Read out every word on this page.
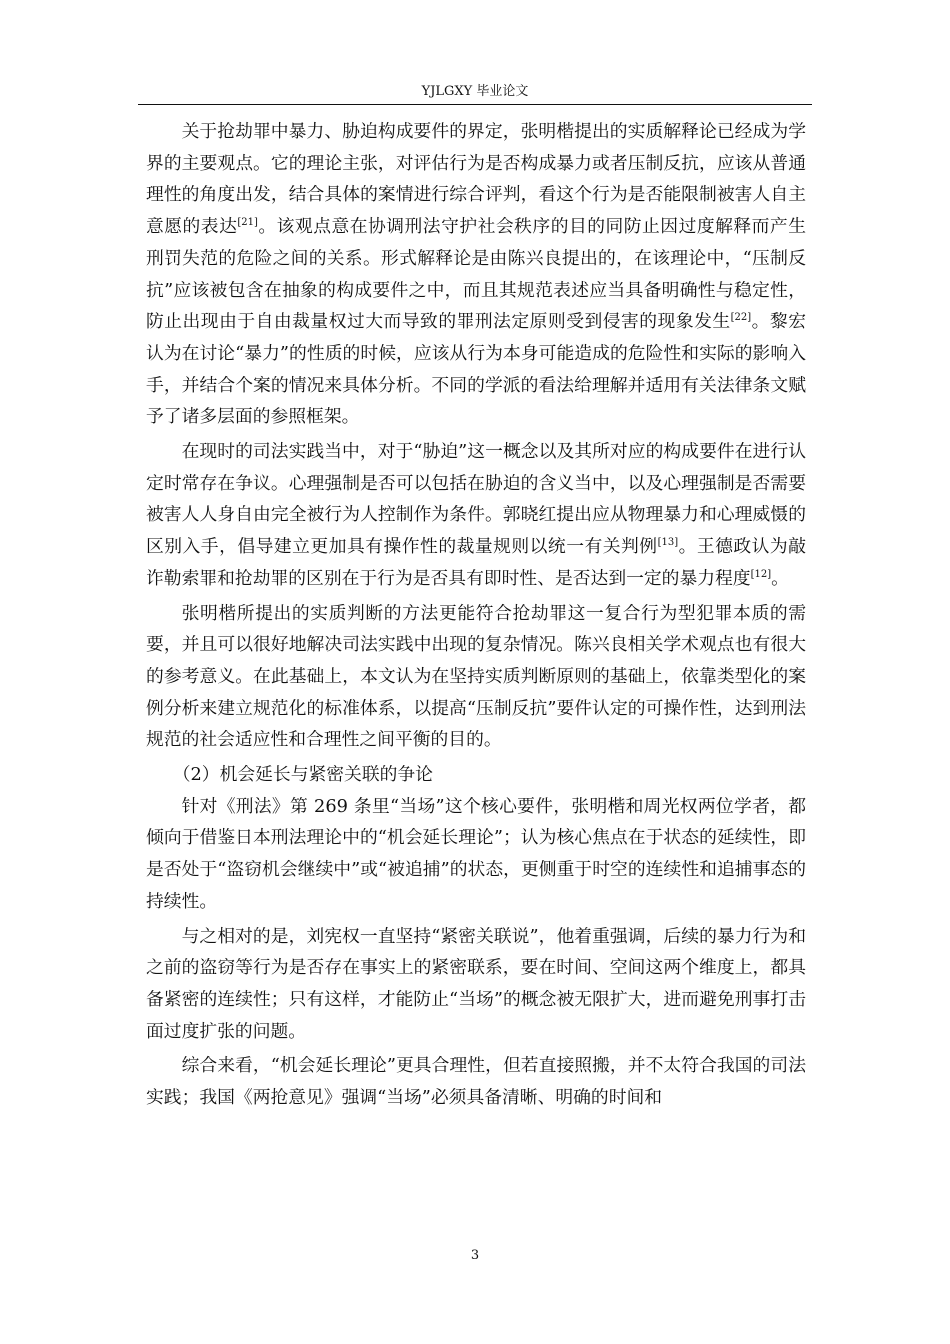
YJLGXY 毕业论文

关于抢劫罪中暴力、胁迫构成要件的界定，张明楷提出的实质解释论已经成为学界的主要观点。它的理论主张，对评估行为是否构成暴力或者压制反抗，应该从普通理性的角度出发，结合具体的案情进行综合评判，看这个行为是否能限制被害人自主意愿的表达[21]。该观点意在协调刑法守护社会秩序的目的同防止因过度解释而产生刑罚失范的危险之间的关系。形式解释论是由陈兴良提出的，在该理论中，“压制反抗”应该被包含在抽象的构成要件之中，而且其规范表述应当具备明确性与稳定性，防止出现由于自由裁量权过大而导致的罪刑法定原则受到侵害的现象发生[22]。黎宏认为在讨论“暴力”的性质的时候，应该从行为本身可能造成的危险性和实际的影响入手，并结合个案的情况来具体分析。不同的学派的看法给理解并适用有关法律条文赋予了诸多层面的参照框架。

在现时的司法实践当中，对于“胁迫”这一概念以及其所对应的构成要件在进行认定时常存在争议。心理强制是否可以包括在胁迫的含义当中，以及心理强制是否需要被害人人身自由完全被行为人控制作为条件。郭晓红提出应从物理暴力和心理威慑的区别入手，倡导建立更加具有操作性的裁量规则以统一有关判例[13]。王德政认为敲诈勒索罪和抢劫罪的区别在于行为是否具有即时性、是否达到一定的暴力程度[12]。

张明楷所提出的实质判断的方法更能符合抢劫罪这一复合行为型犯罪本质的需要，并且可以很好地解决司法实践中出现的复杂情况。陈兴良相关学术观点也有很大的参考意义。在此基础上，本文认为在坚持实质判断原则的基础上，依靠类型化的案例分析来建立规范化的标准体系，以提高“压制反抗”要件认定的可操作性，达到刑法规范的社会适应性和合理性之间平衡的目的。

（2）机会延长与紧密关联的争论

针对《刑法》第 269 条里“当场”这个核心要件，张明楷和周光权两位学者，都倾向于借鉴日本刑法理论中的“机会延长理论”；认为核心焦点在于状态的延续性，即是否处于“盗窃机会继续中”或“被追捕”的状态，更侧重于时空的连续性和追捕事态的持续性。

与之相对的是，刘宪权一直坚持“紧密关联说”，他着重强调，后续的暴力行为和之前的盗窃等行为是否存在事实上的紧密联系，要在时间、空间这两个维度上，都具备紧密的连续性；只有这样，才能防止“当场”的概念被无限扩大，进而避免刑事打击面过度扩张的问题。

综合来看，“机会延长理论”更具合理性，但若直接照搬，并不太符合我国的司法实践；我国《两抢意见》强调“当场”必须具备清晰、明确的时间和

3
